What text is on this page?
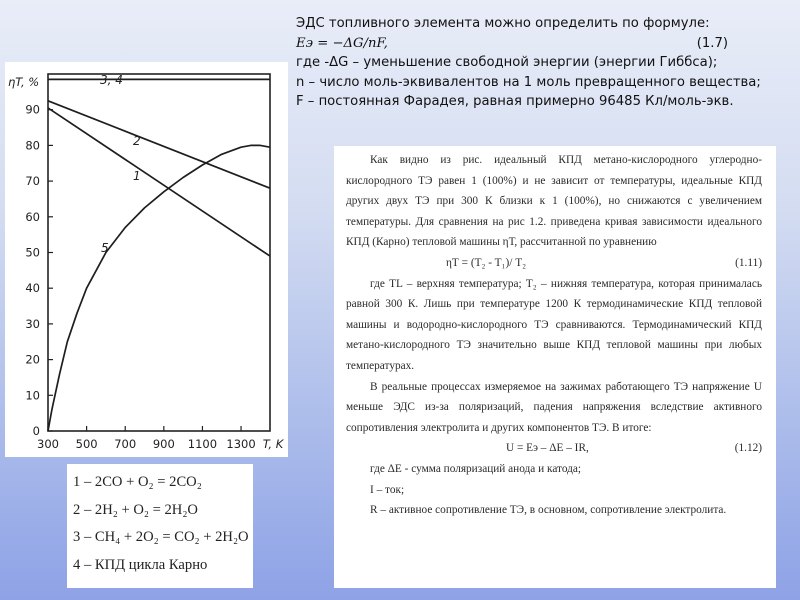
ЭДС топливного элемента можно определить по формуле:
Eэ = −ΔG/nF,	(1.7)
где -ΔG – уменьшение свободной энергии (энергии Гиббса);
n – число моль-эквивалентов на 1 моль превращенного вещества;
F – постоянная Фарадея, равная примерно 96485 Кл/моль-экв.
0
10
20
30
40
50
60
70
80
90
300 500 700 900 1100 1300 T, K
ηT, %	3, 4
2
1
5
1 – 2CO + O₂ = 2CO₂
2 – 2H₂ + O₂ = 2H₂O
3 – CH₄ + 2O₂ = CO₂ + 2H₂O
4 – КПД цикла Карно

Как видно из рис. идеальный КПД метано-кислородного углеродно-кислородного ТЭ равен 1 (100%) и не зависит от температуры, идеальные КПД других двух ТЭ при 300 К близки к 1 (100%), но снижаются с увеличением температуры. Для сравнения на рис 1.2. приведена кривая зависимости идеального КПД (Карно) тепловой машины ηТ, рассчитанной по уравнению

ηТ = (T₂ - T₁)/ T₂	(1.11)

где TL – верхняя температура; T₂ – нижняя температура, которая принималась равной 300 К. Лишь при температуре 1200 К термодинамические КПД тепловой машины и водородно-кислородного ТЭ сравниваются. Термодинамический КПД метано-кислородного ТЭ значительно выше КПД тепловой машины при любых температурах.

В реальные процессах измеряемое на зажимах работающего ТЭ напряжение U меньше ЭДС из-за поляризаций, падения напряжения вследствие активного сопротивления электролита и других компонентов ТЭ. В итоге:

U = Eэ – ΔE – IR,	(1.12)

где ΔE - сумма поляризаций анода и катода;

I – ток;

R – активное сопротивление ТЭ, в основном, сопротивление электролита.
